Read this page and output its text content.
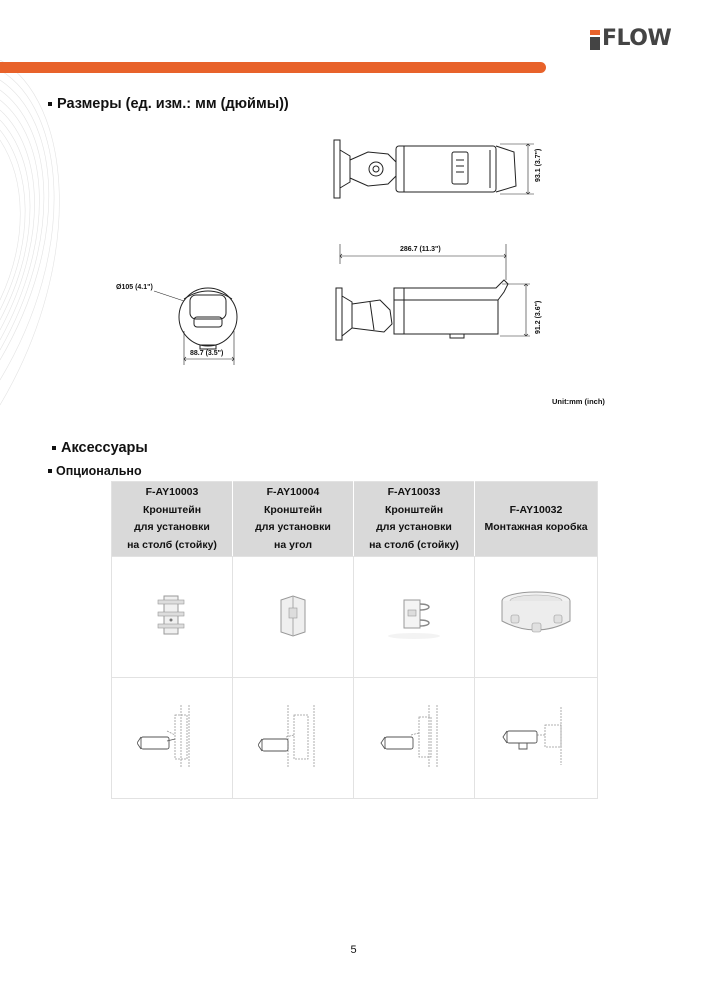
FLOW
Размеры (ед. изм.: мм (дюймы))
93.1 (3.7")
286.7 (11.3")
91.2 (3.6")
Ø105 (4.1")
88.7 (3.5")
Unit:mm (inch)
Аксессуары
Опционально
F-AY10003
Кронштейн
для установки
на столб (стойку)	F-AY10004
Кронштейн
для установки
на угол	F-AY10033
Кронштейн
для установки
на столб (стойку)	F-AY10032
Монтажная коробка

5
